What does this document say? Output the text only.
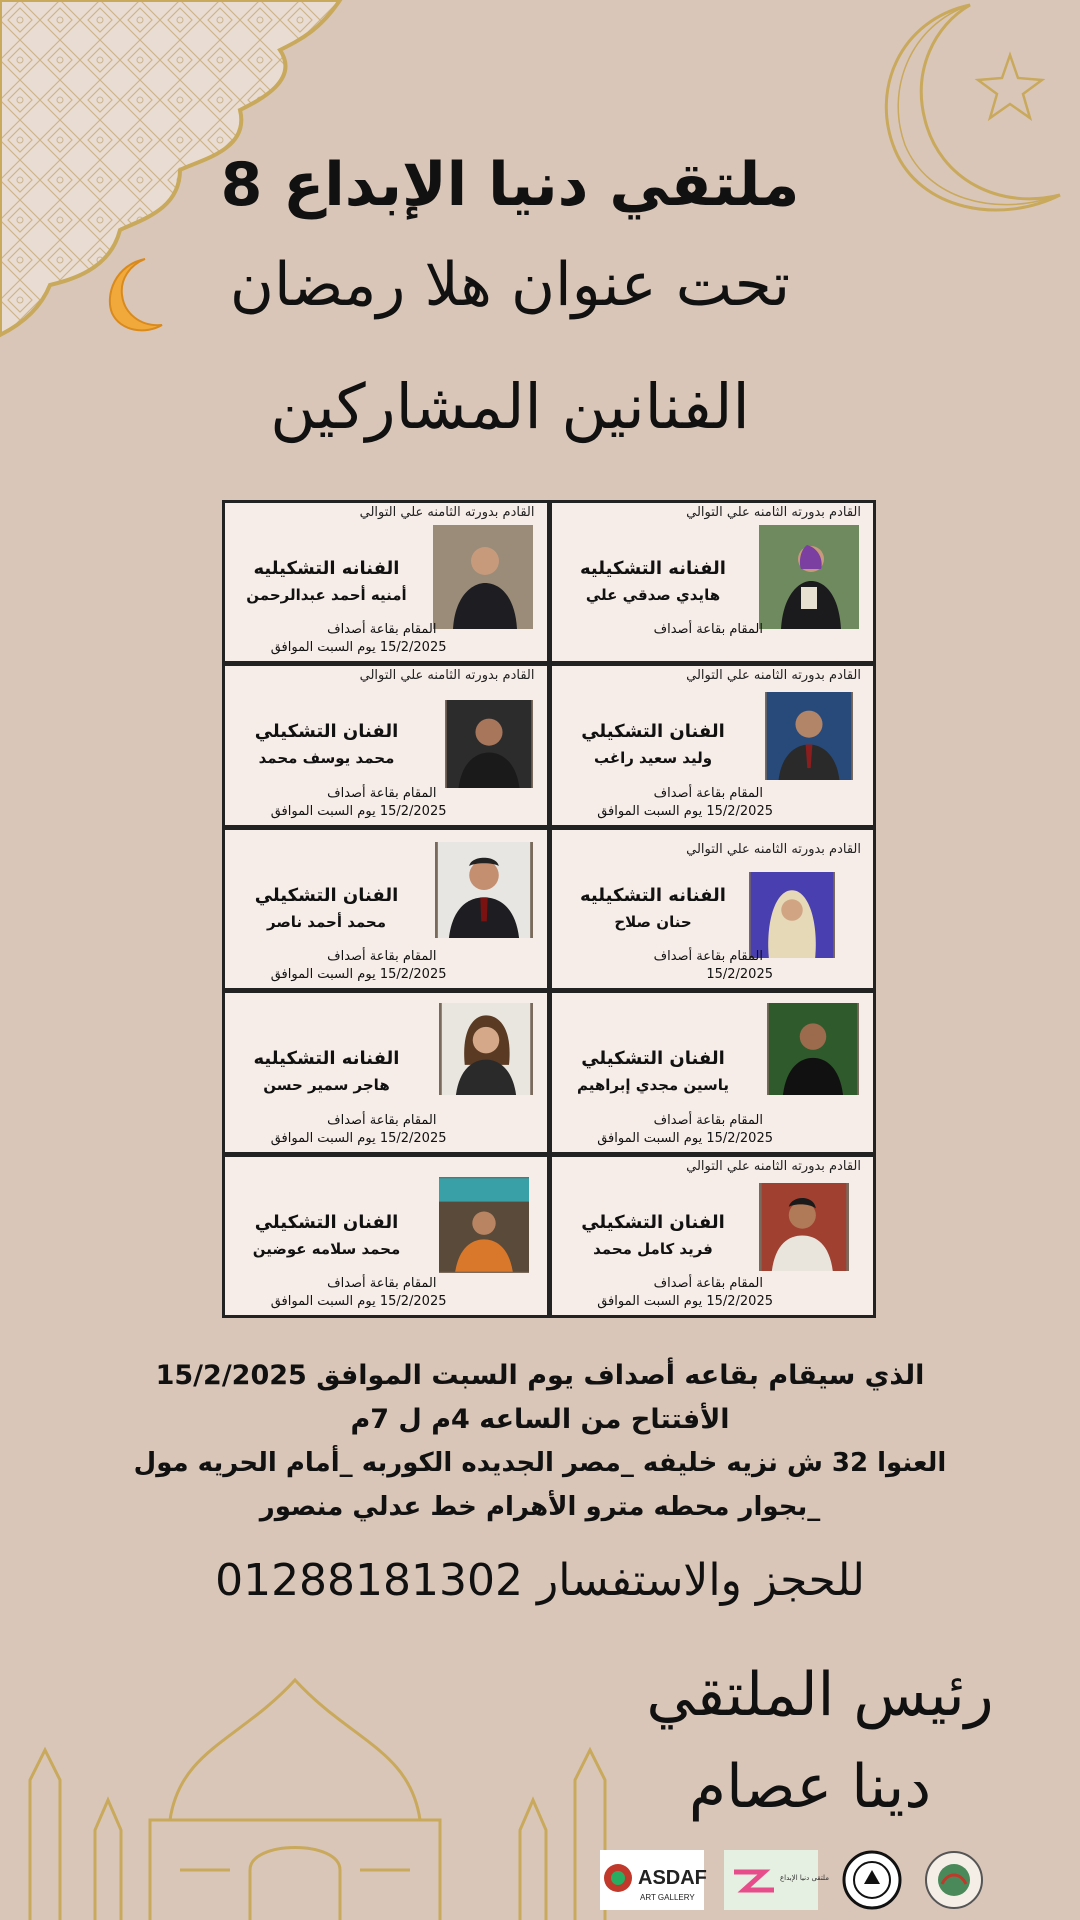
ملتقي دنيا الإبداع 8
تحت عنوان هلا رمضان
الفنانين المشاركين
القادم بدورته الثامنه علي التوالي
الفنانه التشكيليه
أمنيه أحمد عبدالرحمن
المقام بقاعة أصداف
15/2/2025 يوم السبت الموافق
القادم بدورته الثامنه علي التوالي
الفنانه التشكيليه
هايدي صدقي علي
المقام بقاعة أصداف
القادم بدورته الثامنه علي التوالي
الفنان التشكيلي
محمد يوسف محمد
المقام بقاعة أصداف
15/2/2025 يوم السبت الموافق
القادم بدورته الثامنه علي التوالي
الفنان التشكيلي
وليد سعيد راغب
المقام بقاعة أصداف
15/2/2025 يوم السبت الموافق
الفنان التشكيلي
محمد أحمد ناصر
المقام بقاعة أصداف
15/2/2025 يوم السبت الموافق
القادم بدورته الثامنه علي التوالي
الفنانه التشكيليه
حنان صلاح
المقام بقاعة أصداف
15/2/2025
الفنانه التشكيليه
هاجر سمير حسن
المقام بقاعة أصداف
15/2/2025 يوم السبت الموافق
الفنان التشكيلي
ياسين مجدي إبراهيم
المقام بقاعة أصداف
15/2/2025 يوم السبت الموافق
الفنان التشكيلي
محمد سلامه عوضين
المقام بقاعة أصداف
15/2/2025 يوم السبت الموافق
القادم بدورته الثامنه علي التوالي
الفنان التشكيلي
فريد كامل محمد
المقام بقاعة أصداف
15/2/2025 يوم السبت الموافق

الذي سيقام بقاعه أصداف يوم السبت الموافق 15/2/2025

الأفتتاح من الساعه 4م ل 7م

العنوا 32 ش نزيه خليفه _مصر الجديده الكوربه _أمام الحريه مول

_بجوار محطه مترو الأهرام خط عدلي منصور

للحجز والاستفسار 01288181302
رئيس الملتقي
دينا عصام
ASDAF
ART GALLERY
ملتقى دنيا الإبداع
